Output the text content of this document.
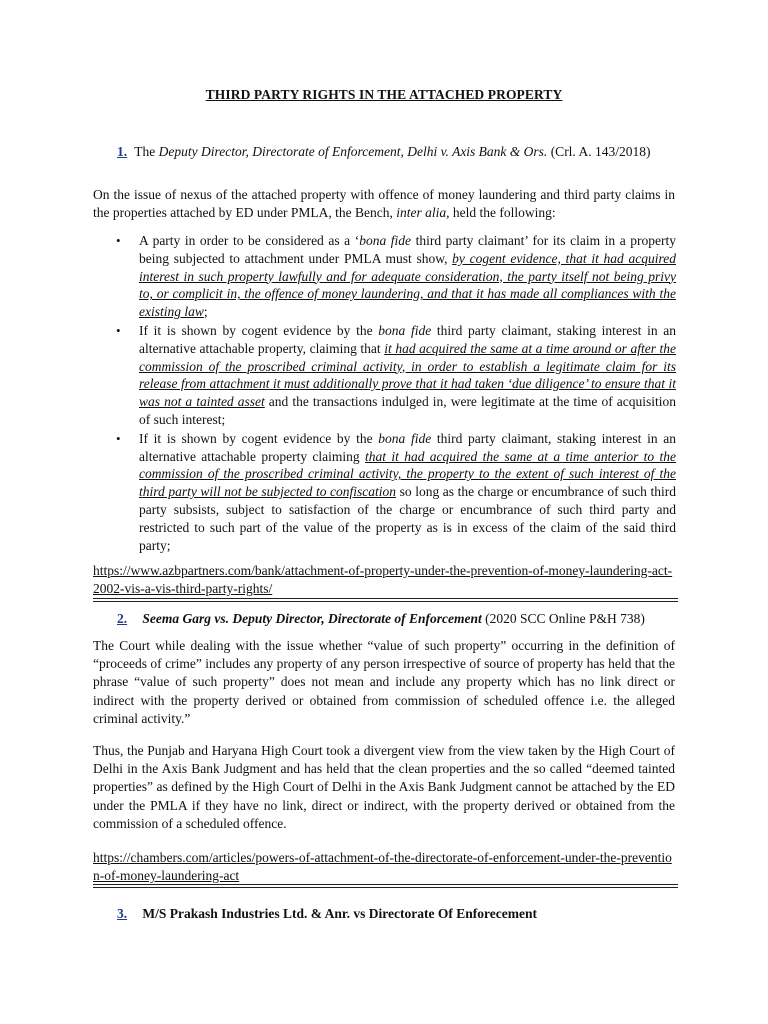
THIRD PARTY RIGHTS IN THE ATTACHED PROPERTY
1. The Deputy Director, Directorate of Enforcement, Delhi v. Axis Bank & Ors. (Crl. A. 143/2018)

On the issue of nexus of the attached property with offence of money laundering and third party claims in the properties attached by ED under PMLA, the Bench, inter alia, held the following:

• A party in order to be considered as a ‘bona fide third party claimant’ for its claim in a property being subjected to attachment under PMLA must show, by cogent evidence, that it had acquired interest in such property lawfully and for adequate consideration, the party itself not being privy to, or complicit in, the offence of money laundering, and that it has made all compliances with the existing law;
• If it is shown by cogent evidence by the bona fide third party claimant, staking interest in an alternative attachable property, claiming that it had acquired the same at a time around or after the commission of the proscribed criminal activity, in order to establish a legitimate claim for its release from attachment it must additionally prove that it had taken ‘due diligence’ to ensure that it was not a tainted asset and the transactions indulged in, were legitimate at the time of acquisition of such interest;
• If it is shown by cogent evidence by the bona fide third party claimant, staking interest in an alternative attachable property claiming that it had acquired the same at a time anterior to the commission of the proscribed criminal activity, the property to the extent of such interest of the third party will not be subjected to confiscation so long as the charge or encumbrance of such third party subsists, subject to satisfaction of the charge or encumbrance of such third party and restricted to such part of the value of the property as is in excess of the claim of the said third party;
https://www.azbpartners.com/bank/attachment-of-property-under-the-prevention-of-money-laundering-act-2002-vis-a-vis-third-party-rights/
2. Seema Garg vs. Deputy Director, Directorate of Enforcement (2020 SCC Online P&H 738)

The Court while dealing with the issue whether “value of such property” occurring in the definition of “proceeds of crime” includes any property of any person irrespective of source of property has held that the phrase “value of such property” does not mean and include any property which has no link direct or indirect with the property derived or obtained from commission of scheduled offence i.e. the alleged criminal activity.”

Thus, the Punjab and Haryana High Court took a divergent view from the view taken by the High Court of Delhi in the Axis Bank Judgment and has held that the clean properties and the so called “deemed tainted properties” as defined by the High Court of Delhi in the Axis Bank Judgment cannot be attached by the ED under the PMLA if they have no link, direct or indirect, with the property derived or obtained from the commission of a scheduled offence.

https://chambers.com/articles/powers-of-attachment-of-the-directorate-of-enforcement-under-the-prevention-of-money-laundering-act
3. M/S Prakash Industries Ltd. & Anr. vs Directorate Of Enforecement
